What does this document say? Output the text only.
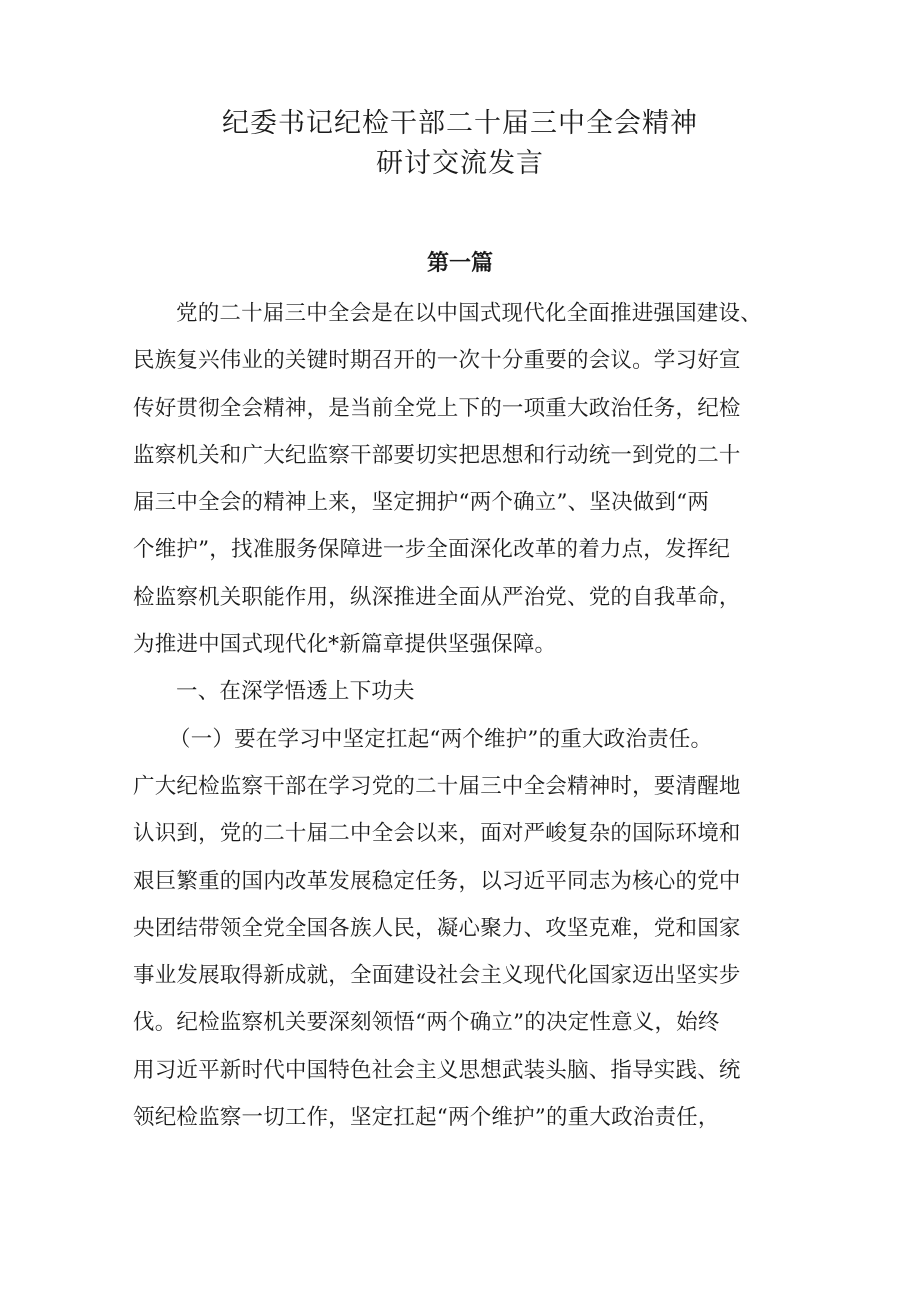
纪委书记纪检干部二十届三中全会精神
研讨交流发言
第一篇
党的二十届三中全会是在以中国式现代化全面推进强国建设、
民族复兴伟业的关键时期召开的一次十分重要的会议。学习好宣
传好贯彻全会精神，是当前全党上下的一项重大政治任务，纪检
监察机关和广大纪监察干部要切实把思想和行动统一到党的二十
届三中全会的精神上来，坚定拥护“两个确立”、坚决做到“两
个维护”，找准服务保障进一步全面深化改革的着力点，发挥纪
检监察机关职能作用，纵深推进全面从严治党、党的自我革命，
为推进中国式现代化*新篇章提供坚强保障。
一、在深学悟透上下功夫
（一）要在学习中坚定扛起“两个维护”的重大政治责任。
广大纪检监察干部在学习党的二十届三中全会精神时，要清醒地
认识到，党的二十届二中全会以来，面对严峻复杂的国际环境和
艰巨繁重的国内改革发展稳定任务，以习近平同志为核心的党中
央团结带领全党全国各族人民，凝心聚力、攻坚克难，党和国家
事业发展取得新成就，全面建设社会主义现代化国家迈出坚实步
伐。纪检监察机关要深刻领悟“两个确立”的决定性意义，始终
用习近平新时代中国特色社会主义思想武装头脑、指导实践、统
领纪检监察一切工作，坚定扛起“两个维护”的重大政治责任，
